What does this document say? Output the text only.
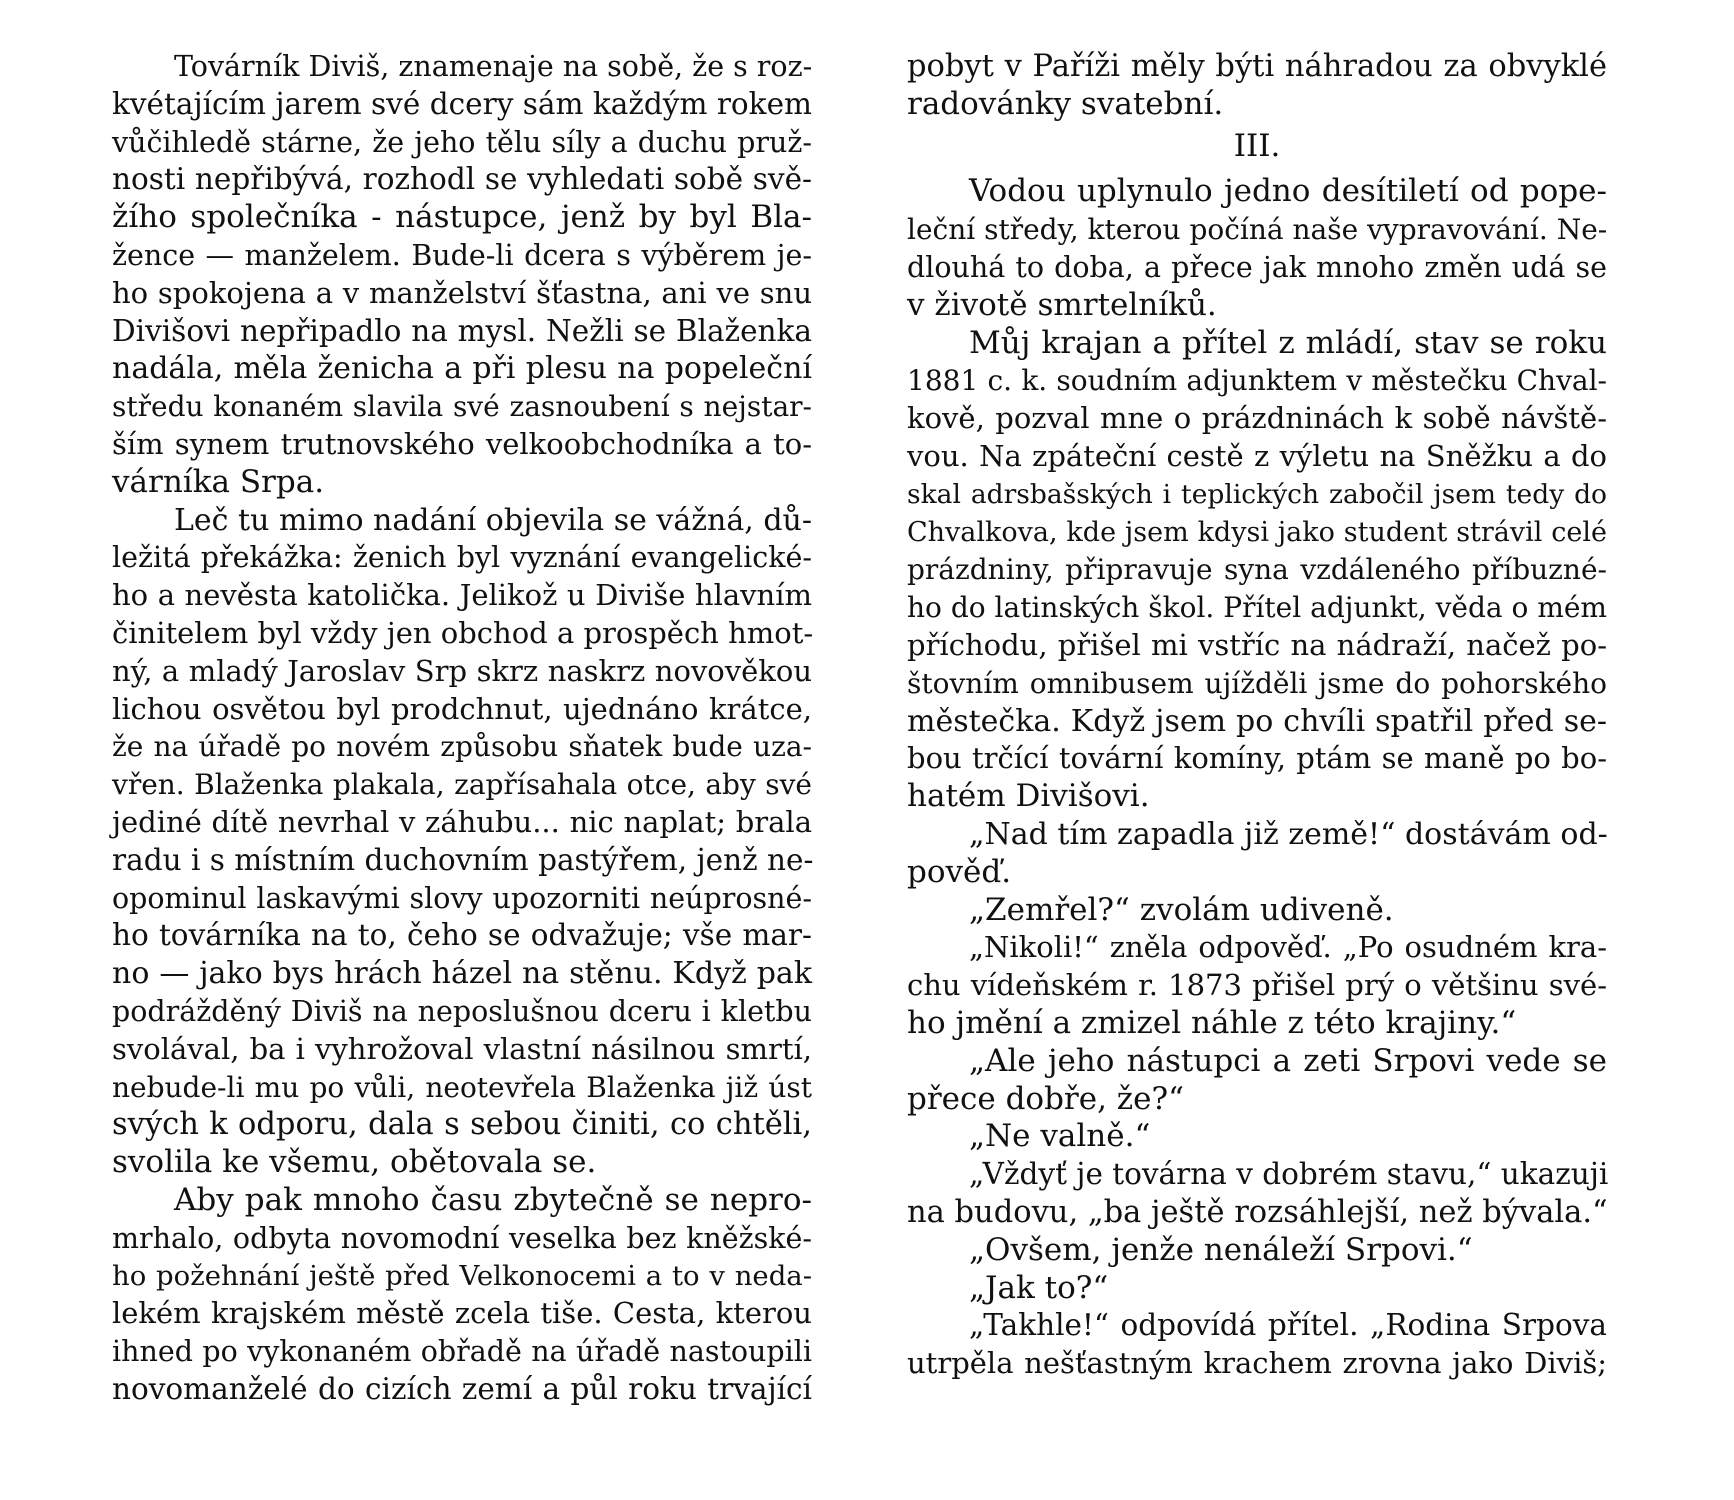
Továrník Diviš, znamenaje na sobě, že s roz-
kvétajícím jarem své dcery sám každým rokem
vůčihledě stárne, že jeho tělu síly a duchu pruž-
nosti nepřibývá, rozhodl se vyhledati sobě svě-
žího společníka - nástupce, jenž by byl Bla-
žence — manželem. Bude-li dcera s výběrem je-
ho spokojena a v manželství šťastna, ani ve snu
Divišovi nepřipadlo na mysl. Nežli se Blaženka
nadála, měla ženicha a při plesu na popeleční
středu konaném slavila své zasnoubení s nejstar-
ším synem trutnovského velkoobchodníka a to-
várníka Srpa.
Leč tu mimo nadání objevila se vážná, dů-
ležitá překážka: ženich byl vyznání evangelické-
ho a nevěsta katolička. Jelikož u Diviše hlavním
činitelem byl vždy jen obchod a prospěch hmot-
ný, a mladý Jaroslav Srp skrz naskrz novověkou
lichou osvětou byl prodchnut, ujednáno krátce,
že na úřadě po novém způsobu sňatek bude uza-
vřen. Blaženka plakala, zapřísahala otce, aby své
jediné dítě nevrhal v záhubu... nic naplat; brala
radu i s místním duchovním pastýřem, jenž ne-
opominul laskavými slovy upozorniti neúprosné-
ho továrníka na to, čeho se odvažuje; vše mar-
no — jako bys hrách házel na stěnu. Když pak
podrážděný Diviš na neposlušnou dceru i kletbu
svolával, ba i vyhrožoval vlastní násilnou smrtí,
nebude-li mu po vůli, neotevřela Blaženka již úst
svých k odporu, dala s sebou činiti, co chtěli,
svolila ke všemu, obětovala se.
Aby pak mnoho času zbytečně se nepro-
mrhalo, odbyta novomodní veselka bez kněžské-
ho požehnání ještě před Velkonocemi a to v neda-
lekém krajském městě zcela tiše. Cesta, kterou
ihned po vykonaném obřadě na úřadě nastoupili
novomanželé do cizích zemí a půl roku trvající
pobyt v Paříži měly býti náhradou za obvyklé
radovánky svatební.
III.
Vodou uplynulo jedno desítiletí od pope-
leční středy, kterou počíná naše vypravování. Ne-
dlouhá to doba, a přece jak mnoho změn udá se
v životě smrtelníků.
Můj krajan a přítel z mládí, stav se roku
1881 c. k. soudním adjunktem v městečku Chval-
kově, pozval mne o prázdninách k sobě návště-
vou. Na zpáteční cestě z výletu na Sněžku a do
skal adrsbašských i teplických zabočil jsem tedy do
Chvalkova, kde jsem kdysi jako student strávil celé
prázdniny, připravuje syna vzdáleného příbuzné-
ho do latinských škol. Přítel adjunkt, věda o mém
příchodu, přišel mi vstříc na nádraží, načež po-
štovním omnibusem ujížděli jsme do pohorského
městečka. Když jsem po chvíli spatřil před se-
bou trčící tovární komíny, ptám se maně po bo-
hatém Divišovi.
„Nad tím zapadla již země!“ dostávám od-
pověď.
„Zemřel?“ zvolám udiveně.
„Nikoli!“ zněla odpověď. „Po osudném kra-
chu vídeňském r. 1873 přišel prý o většinu své-
ho jmění a zmizel náhle z této krajiny.“
„Ale jeho nástupci a zeti Srpovi vede se
přece dobře, že?“
„Ne valně.“
„Vždyť je továrna v dobrém stavu,“ ukazuji
na budovu, „ba ještě rozsáhlejší, než bývala.“
„Ovšem, jenže nenáleží Srpovi.“
„Jak to?“
„Takhle!“ odpovídá přítel. „Rodina Srpova
utrpěla nešťastným krachem zrovna jako Diviš;
